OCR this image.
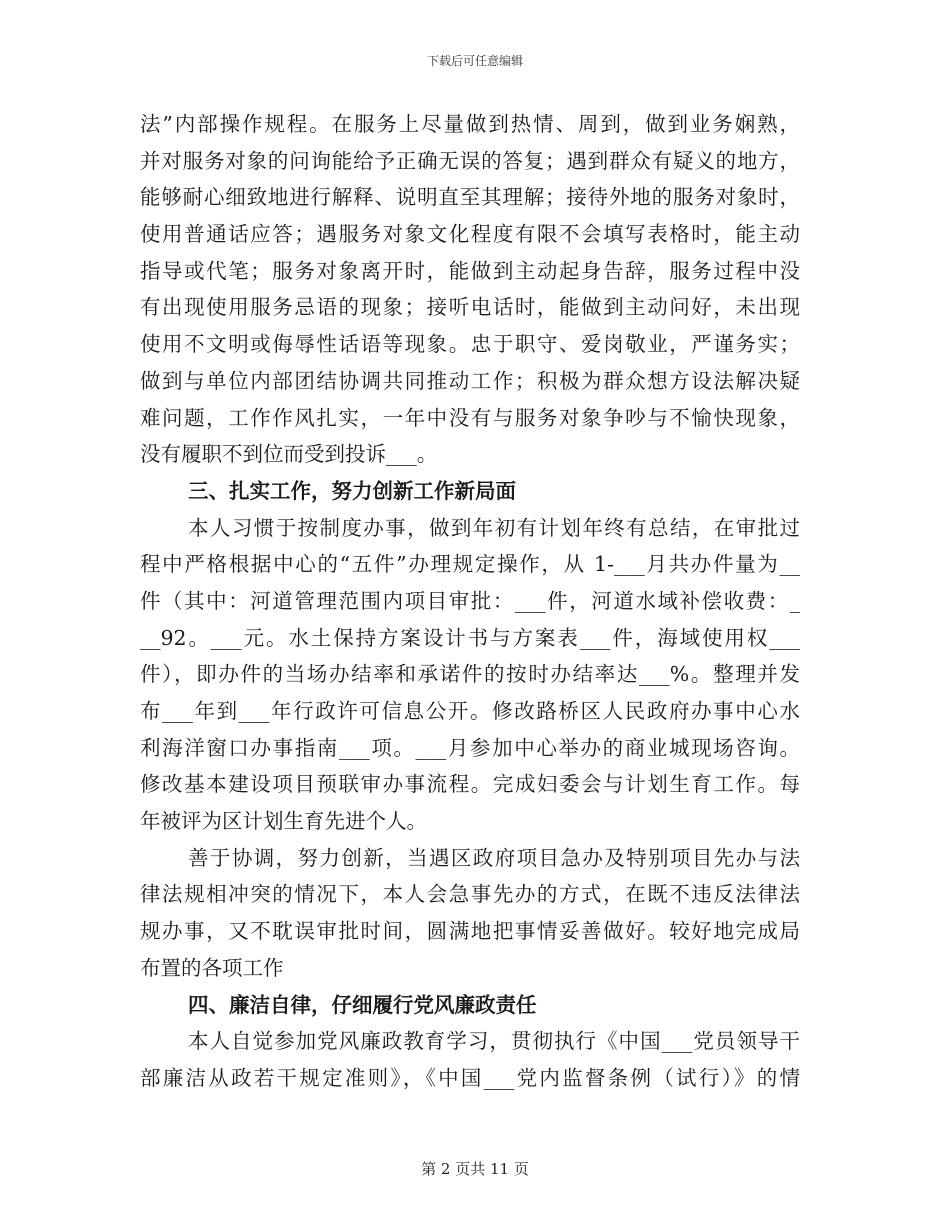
下载后可任意编辑
法”内部操作规程。在服务上尽量做到热情、周到，做到业务娴熟，
并对服务对象的问询能给予正确无误的答复；遇到群众有疑义的地方，
能够耐心细致地进行解释、说明直至其理解；接待外地的服务对象时，
使用普通话应答；遇服务对象文化程度有限不会填写表格时，能主动
指导或代笔；服务对象离开时，能做到主动起身告辞，服务过程中没
有出现使用服务忌语的现象；接听电话时，能做到主动问好，未出现
使用不文明或侮辱性话语等现象。忠于职守、爱岗敬业，严谨务实；
做到与单位内部团结协调共同推动工作；积极为群众想方设法解决疑
难问题，工作作风扎实，一年中没有与服务对象争吵与不愉快现象，
没有履职不到位而受到投诉___。
三、扎实工作，努力创新工作新局面
本人习惯于按制度办事，做到年初有计划年终有总结，在审批过
程中严格根据中心的“五件”办理规定操作，从 1-___月共办件量为__
件（其中：河道管理范围内项目审批：___件，河道水域补偿收费：_
__92。___元。水土保持方案设计书与方案表___件，海域使用权___
件），即办件的当场办结率和承诺件的按时办结率达___%。整理并发
布___年到___年行政许可信息公开。修改路桥区人民政府办事中心水
利海洋窗口办事指南___项。___月参加中心举办的商业城现场咨询。
修改基本建设项目预联审办事流程。完成妇委会与计划生育工作。每
年被评为区计划生育先进个人。
善于协调，努力创新，当遇区政府项目急办及特别项目先办与法
律法规相冲突的情况下，本人会急事先办的方式，在既不违反法律法
规办事，又不耽误审批时间，圆满地把事情妥善做好。较好地完成局
布置的各项工作
四、廉洁自律，仔细履行党风廉政责任
本人自觉参加党风廉政教育学习，贯彻执行《中国___党员领导干
部廉洁从政若干规定准则》，《中国___党内监督条例（试行）》的情
第 2 页共 11 页
